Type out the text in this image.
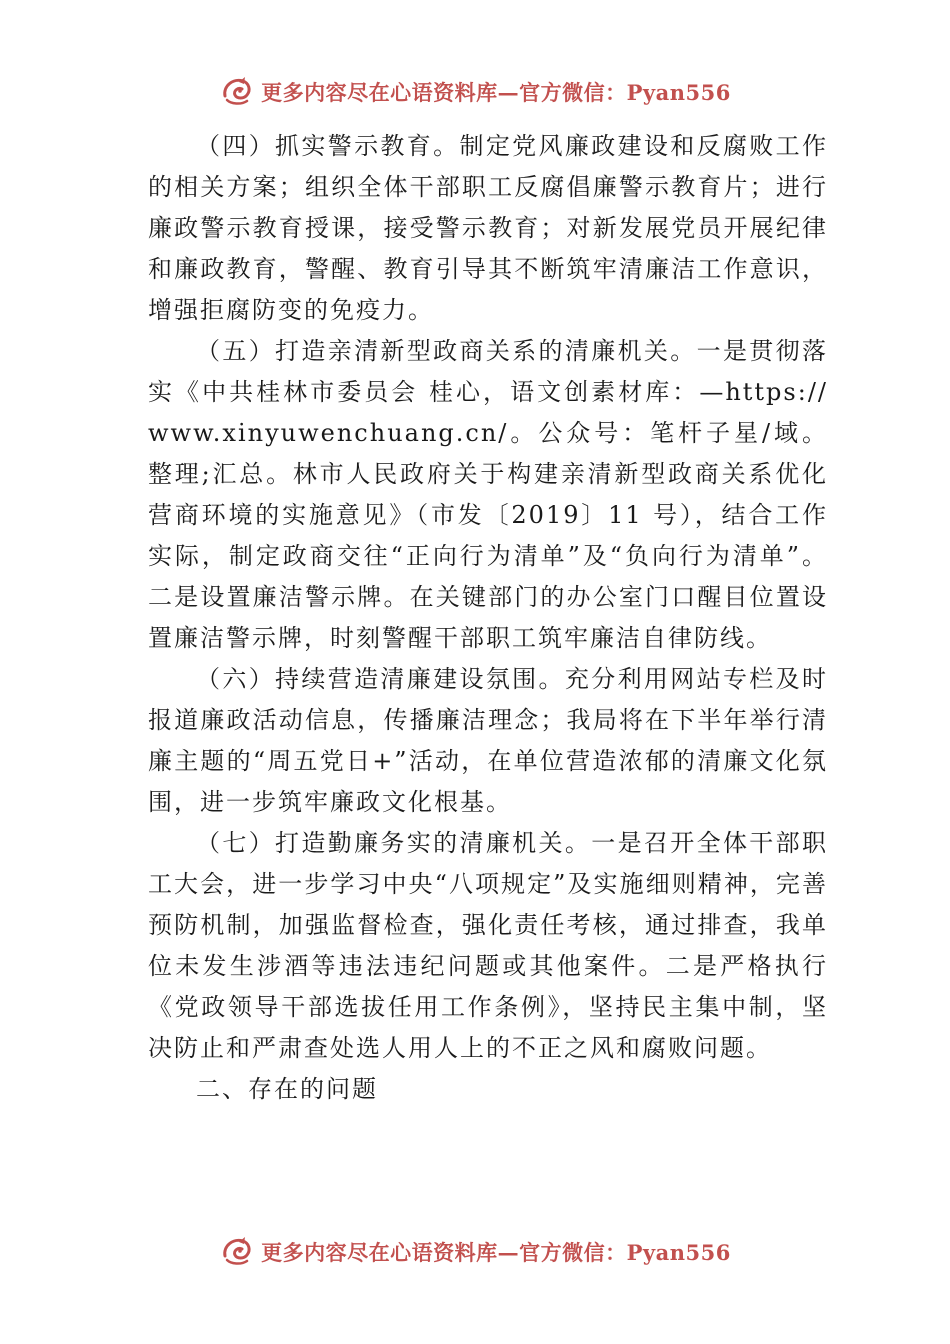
更多内容尽在心语资料库—官方微信：Pyan556

（四）抓实警示教育。制定党风廉政建设和反腐败工作的相关方案；组织全体干部职工反腐倡廉警示教育片；进行廉政警示教育授课，接受警示教育；对新发展党员开展纪律和廉政教育，警醒、教育引导其不断筑牢清廉洁工作意识， 增强拒腐防变的免疫力。

（五）打造亲清新型政商关系的清廉机关。一是贯彻落实《中共桂林市委员会 桂心，语文创素材库：—https://www.xinyuwenchuang.cn/。公众号：笔杆子星/域。整理;汇总。林市人民政府关于构建亲清新型政商关系优化营商环境的实施意见》（市发〔2019〕11 号），结合工作实际，制定政商交往“正向行为清单”及“负向行为清单”。二是设置廉洁警示牌。在关键部门的办公室门口醒目位置设置廉洁警示牌，时刻警醒干部职工筑牢廉洁自律防线。

（六）持续营造清廉建设氛围。充分利用网站专栏及时报道廉政活动信息，传播廉洁理念；我局将在下半年举行清廉主题的“周五党日+”活动，在单位营造浓郁的清廉文化氛围，进一步筑牢廉政文化根基。

（七）打造勤廉务实的清廉机关。一是召开全体干部职工大会，进一步学习中央“八项规定”及实施细则精神，完善预防机制，加强监督检查，强化责任考核，通过排查，我单位未发生涉酒等违法违纪问题或其他案件。二是严格执行《党政领导干部选拔任用工作条例》，坚持民主集中制，坚 决防止和严肃查处选人用人上的不正之风和腐败问题。

二、存在的问题

更多内容尽在心语资料库—官方微信：Pyan556
